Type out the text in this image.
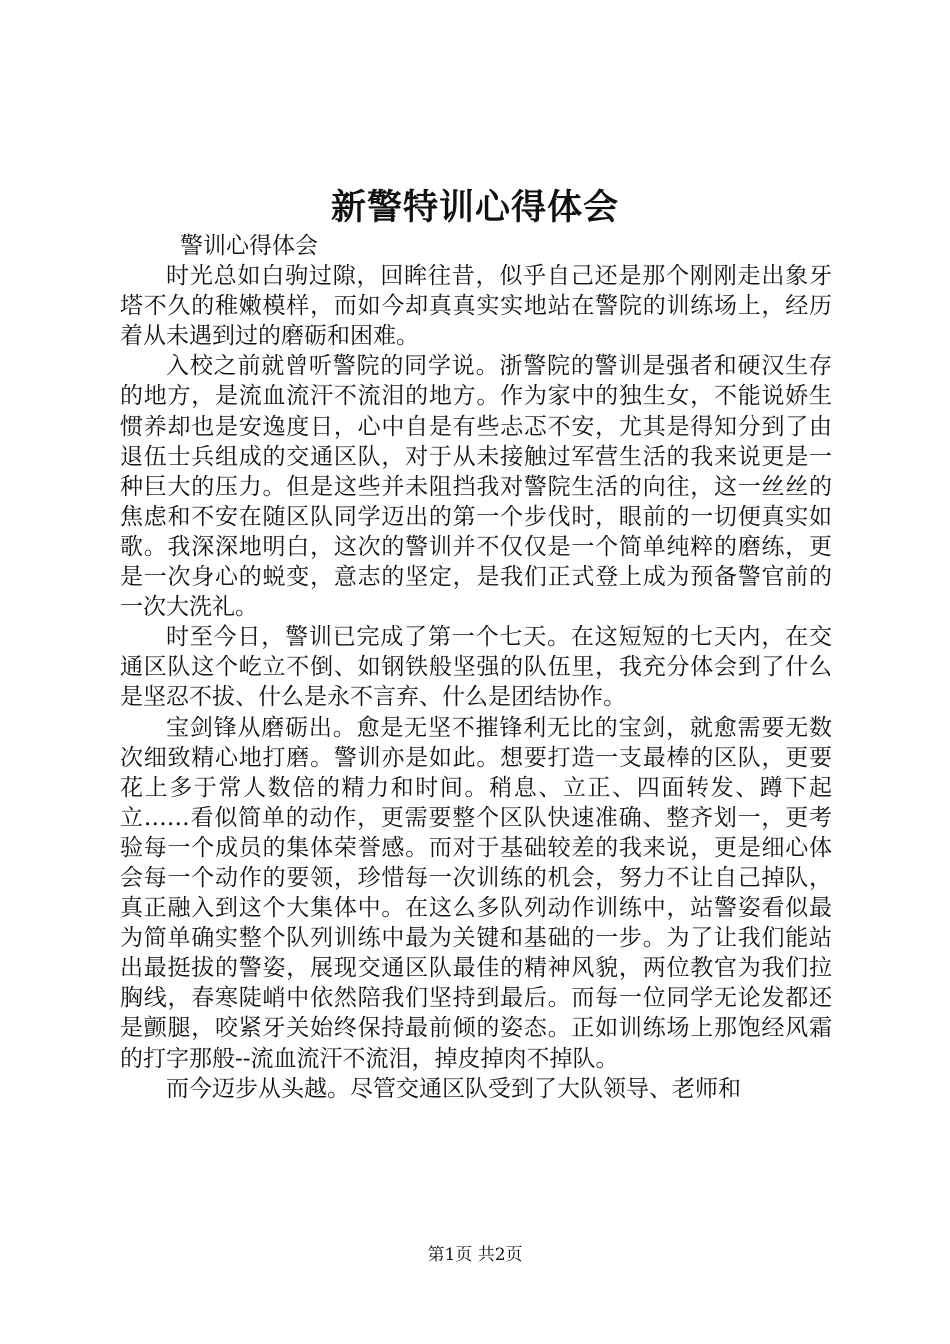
新警特训心得体会
警训心得体会

时光总如白驹过隙，回眸往昔，似乎自己还是那个刚刚走出象牙塔不久的稚嫩模样，而如今却真真实实地站在警院的训练场上，经历着从未遇到过的磨砺和困难。

入校之前就曾听警院的同学说。浙警院的警训是强者和硬汉生存的地方，是流血流汗不流泪的地方。作为家中的独生女，不能说娇生惯养却也是安逸度日，心中自是有些忐忑不安，尤其是得知分到了由退伍士兵组成的交通区队，对于从未接触过军营生活的我来说更是一种巨大的压力。但是这些并未阻挡我对警院生活的向往，这一丝丝的焦虑和不安在随区队同学迈出的第一个步伐时，眼前的一切便真实如歌。我深深地明白，这次的警训并不仅仅是一个简单纯粹的磨练，更是一次身心的蜕变，意志的坚定，是我们正式登上成为预备警官前的一次大洗礼。

时至今日，警训已完成了第一个七天。在这短短的七天内，在交通区队这个屹立不倒、如钢铁般坚强的队伍里，我充分体会到了什么是坚忍不拔、什么是永不言弃、什么是团结协作。

宝剑锋从磨砺出。愈是无坚不摧锋利无比的宝剑，就愈需要无数次细致精心地打磨。警训亦是如此。想要打造一支最棒的区队，更要花上多于常人数倍的精力和时间。稍息、立正、四面转发、蹲下起立……看似简单的动作，更需要整个区队快速准确、整齐划一，更考验每一个成员的集体荣誉感。而对于基础较差的我来说，更是细心体会每一个动作的要领，珍惜每一次训练的机会，努力不让自己掉队，真正融入到这个大集体中。在这么多队列动作训练中，站警姿看似最为简单确实整个队列训练中最为关键和基础的一步。为了让我们能站出最挺拔的警姿，展现交通区队最佳的精神风貌，两位教官为我们拉胸线，春寒陡峭中依然陪我们坚持到最后。而每一位同学无论发都还是颤腿，咬紧牙关始终保持最前倾的姿态。正如训练场上那饱经风霜的打字那般--流血流汗不流泪，掉皮掉肉不掉队。

而今迈步从头越。尽管交通区队受到了大队领导、老师和

第1页 共2页
